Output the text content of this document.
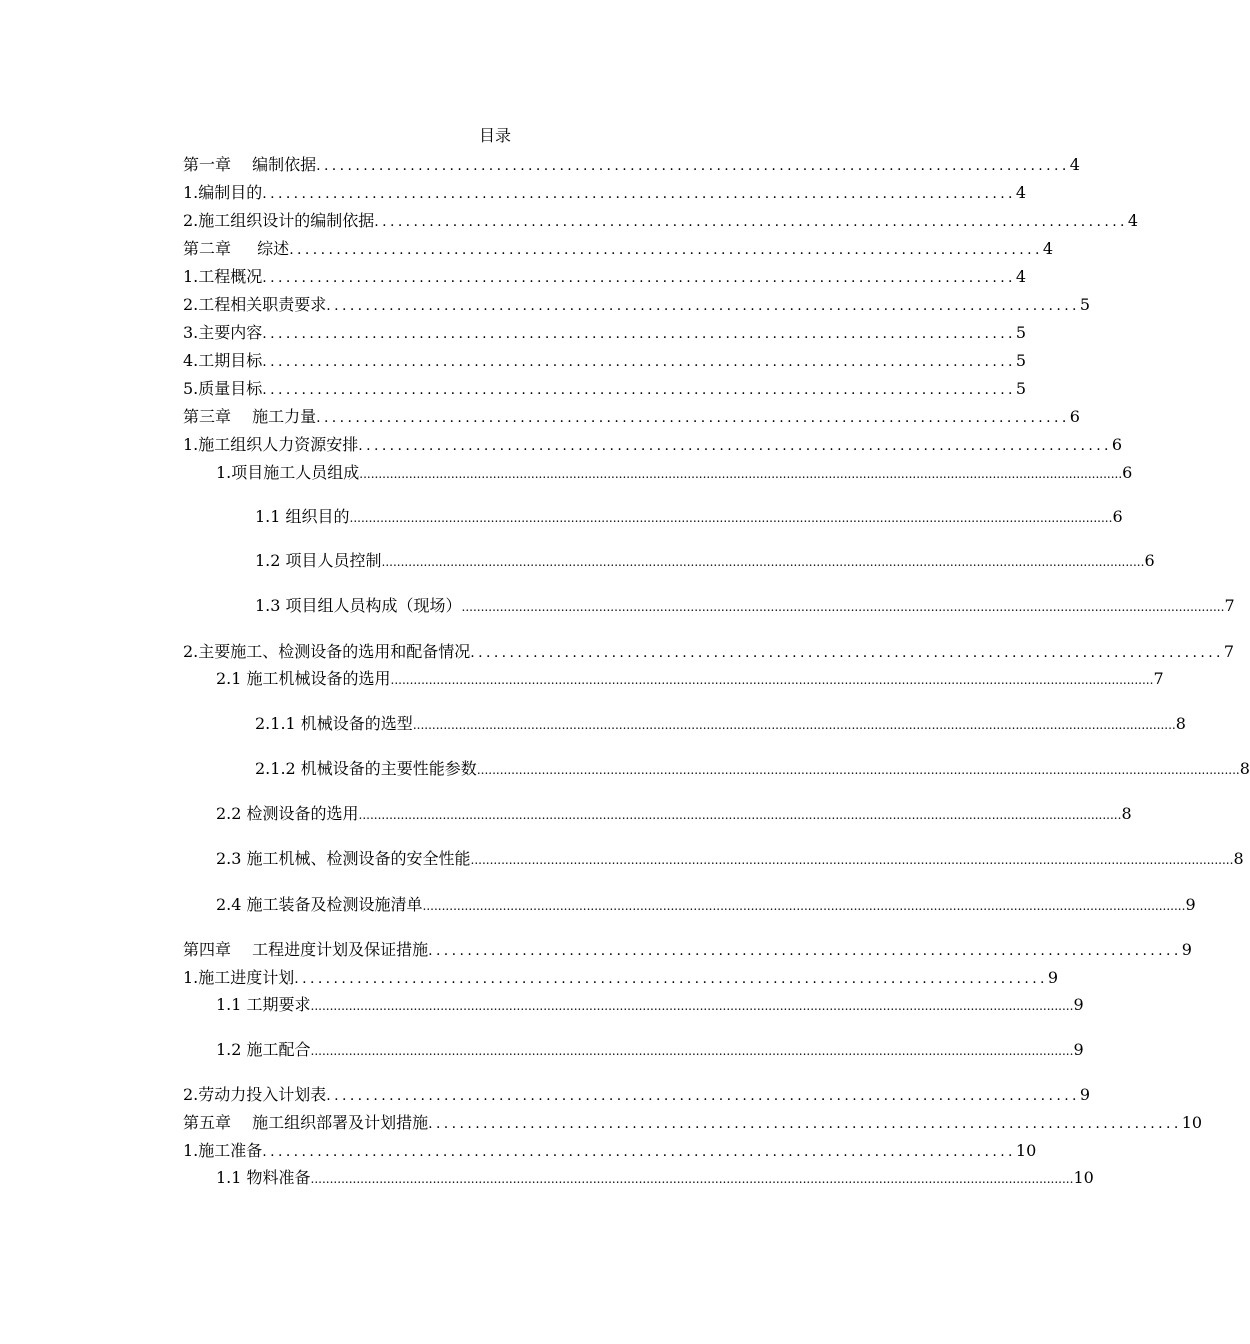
目录
第一章　 编制依据 ................................................................................................ 4
1.编制目的 ................................................................................................ 4
2.施工组织设计的编制依据 ................................................................................................ 4
第二章 　 综述 ................................................................................................ 4
1.工程概况 ................................................................................................ 4
2.工程相关职责要求 ................................................................................................ 5
3.主要内容 ................................................................................................ 5
4.工期目标 ................................................................................................ 5
5.质量目标 ................................................................................................ 5
第三章　 施工力量 ................................................................................................ 6
1.施工组织人力资源安排 ................................................................................................ 6
1.项目施工人员组成 ........................................................................................................................................................................................................ 6
1.1 组织目的 ........................................................................................................................................................................................................ 6
1.2 项目人员控制 ........................................................................................................................................................................................................ 6
1.3 项目组人员构成（现场） ........................................................................................................................................................................................................ 7
2.主要施工、检测设备的选用和配备情况 ................................................................................................ 7
2.1 施工机械设备的选用 ........................................................................................................................................................................................................ 7
2.1.1 机械设备的选型 ........................................................................................................................................................................................................ 8
2.1.2 机械设备的主要性能参数 ........................................................................................................................................................................................................ 8
2.2 检测设备的选用 ........................................................................................................................................................................................................ 8
2.3 施工机械、检测设备的安全性能 ........................................................................................................................................................................................................ 8
2.4 施工装备及检测设施清单 ........................................................................................................................................................................................................ 9
第四章　 工程进度计划及保证措施 ................................................................................................ 9
1.施工进度计划 ................................................................................................ 9
1.1 工期要求 ........................................................................................................................................................................................................ 9
1.2 施工配合 ........................................................................................................................................................................................................ 9
2.劳动力投入计划表 ................................................................................................ 9
第五章　 施工组织部署及计划措施 ................................................................................................ 10
1.施工准备 ................................................................................................ 10
1.1 物料准备 ........................................................................................................................................................................................................ 10
